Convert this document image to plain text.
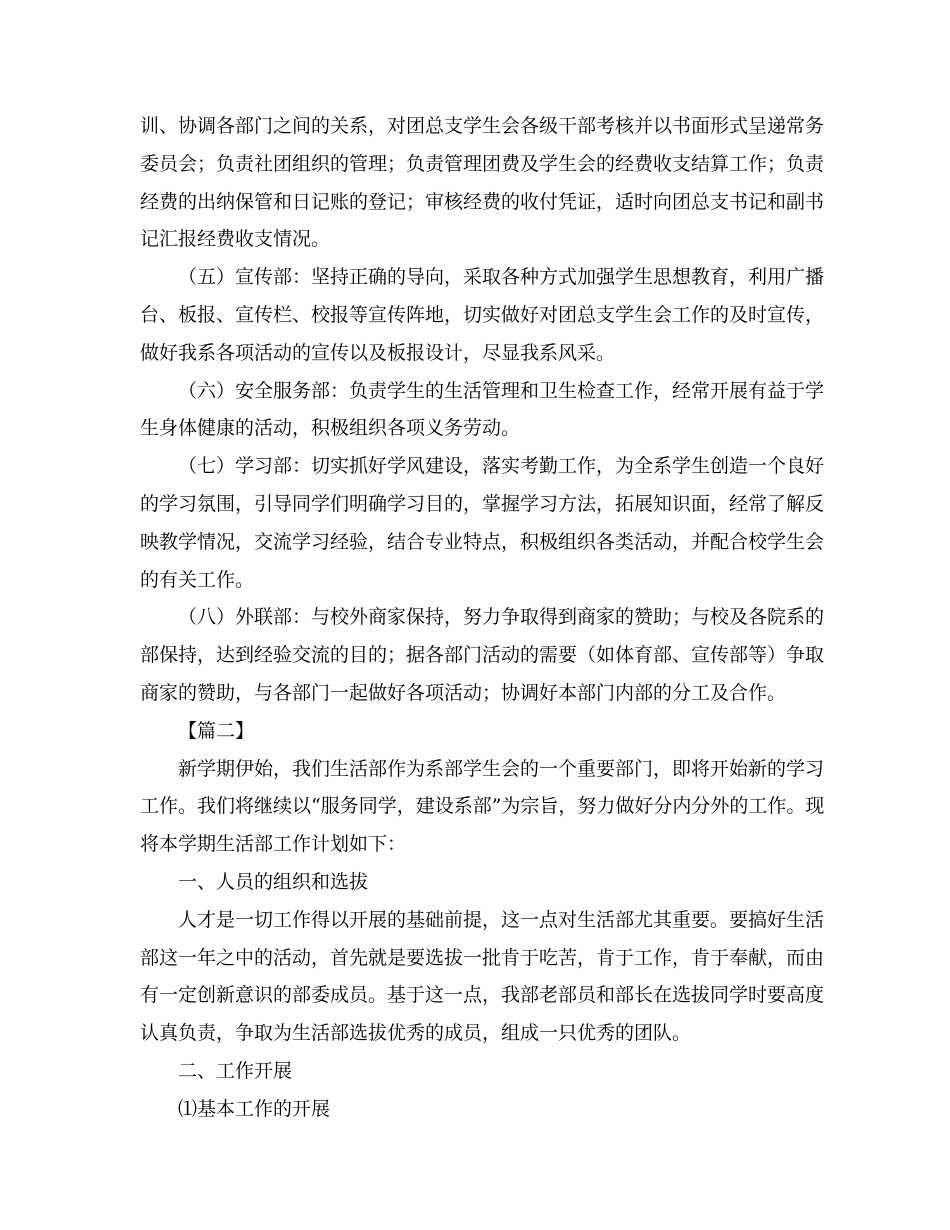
训、协调各部门之间的关系，对团总支学生会各级干部考核并以书面形式呈递常务
委员会；负责社团组织的管理；负责管理团费及学生会的经费收支结算工作；负责
经费的出纳保管和日记账的登记；审核经费的收付凭证，适时向团总支书记和副书
记汇报经费收支情况。

（五）宣传部：坚持正确的导向，采取各种方式加强学生思想教育，利用广播
台、板报、宣传栏、校报等宣传阵地，切实做好对团总支学生会工作的及时宣传，
做好我系各项活动的宣传以及板报设计，尽显我系风采。

（六）安全服务部：负责学生的生活管理和卫生检查工作，经常开展有益于学
生身体健康的活动，积极组织各项义务劳动。

（七）学习部：切实抓好学风建设，落实考勤工作，为全系学生创造一个良好
的学习氛围，引导同学们明确学习目的，掌握学习方法，拓展知识面，经常了解反
映教学情况，交流学习经验，结合专业特点，积极组织各类活动，并配合校学生会
的有关工作。

（八）外联部：与校外商家保持，努力争取得到商家的赞助；与校及各院系的
部保持，达到经验交流的目的；据各部门活动的需要（如体育部、宣传部等）争取
商家的赞助，与各部门一起做好各项活动；协调好本部门内部的分工及合作。

【篇二】

新学期伊始，我们生活部作为系部学生会的一个重要部门，即将开始新的学习
工作。我们将继续以“服务同学，建设系部”为宗旨，努力做好分内分外的工作。现
将本学期生活部工作计划如下：

一、人员的组织和选拔

人才是一切工作得以开展的基础前提，这一点对生活部尤其重要。要搞好生活
部这一年之中的活动，首先就是要选拔一批肯于吃苦，肯于工作，肯于奉献，而由
有一定创新意识的部委成员。基于这一点，我部老部员和部长在选拔同学时要高度
认真负责，争取为生活部选拔优秀的成员，组成一只优秀的团队。

二、工作开展

⑴基本工作的开展
